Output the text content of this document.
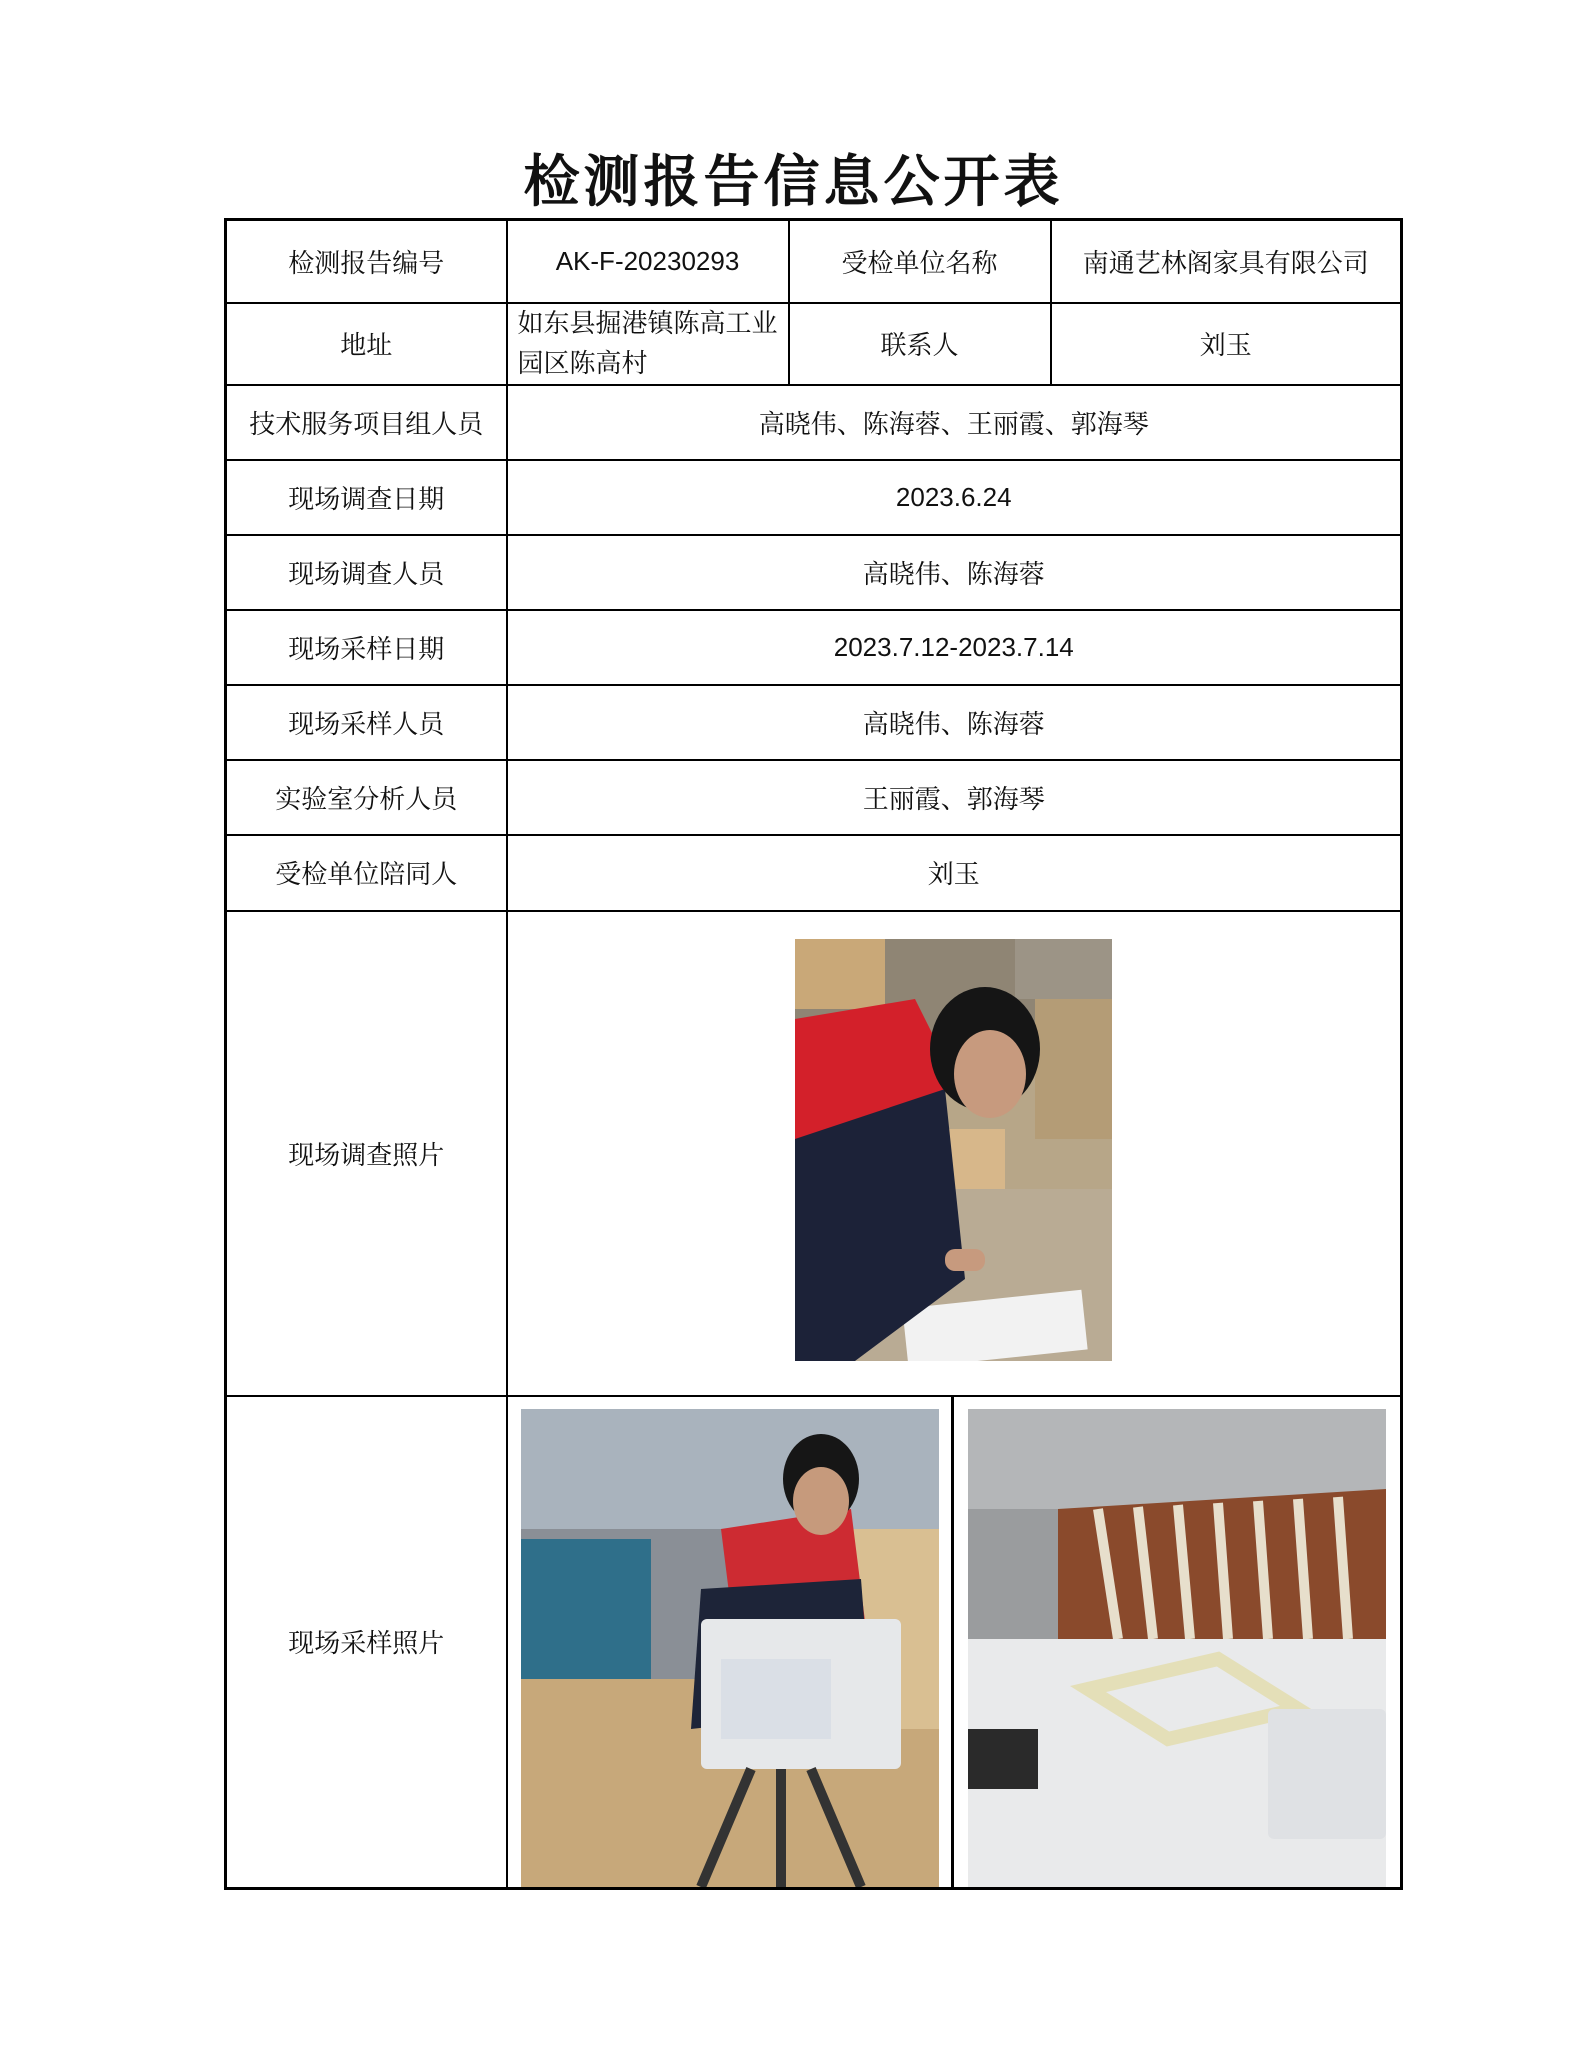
检测报告信息公开表
检测报告编号	AK-F-20230293	受检单位名称	南通艺林阁家具有限公司
地址	如东县掘港镇陈高工业园区陈高村	联系人	刘玉
技术服务项目组人员	高晓伟、陈海蓉、王丽霞、郭海琴		
现场调查日期	2023.6.24		
现场调查人员	高晓伟、陈海蓉		
现场采样日期	2023.7.12-2023.7.14		
现场采样人员	高晓伟、陈海蓉		
实验室分析人员	王丽霞、郭海琴		
受检单位陪同人	刘玉		
现场调查照片	

现场采样照片	
